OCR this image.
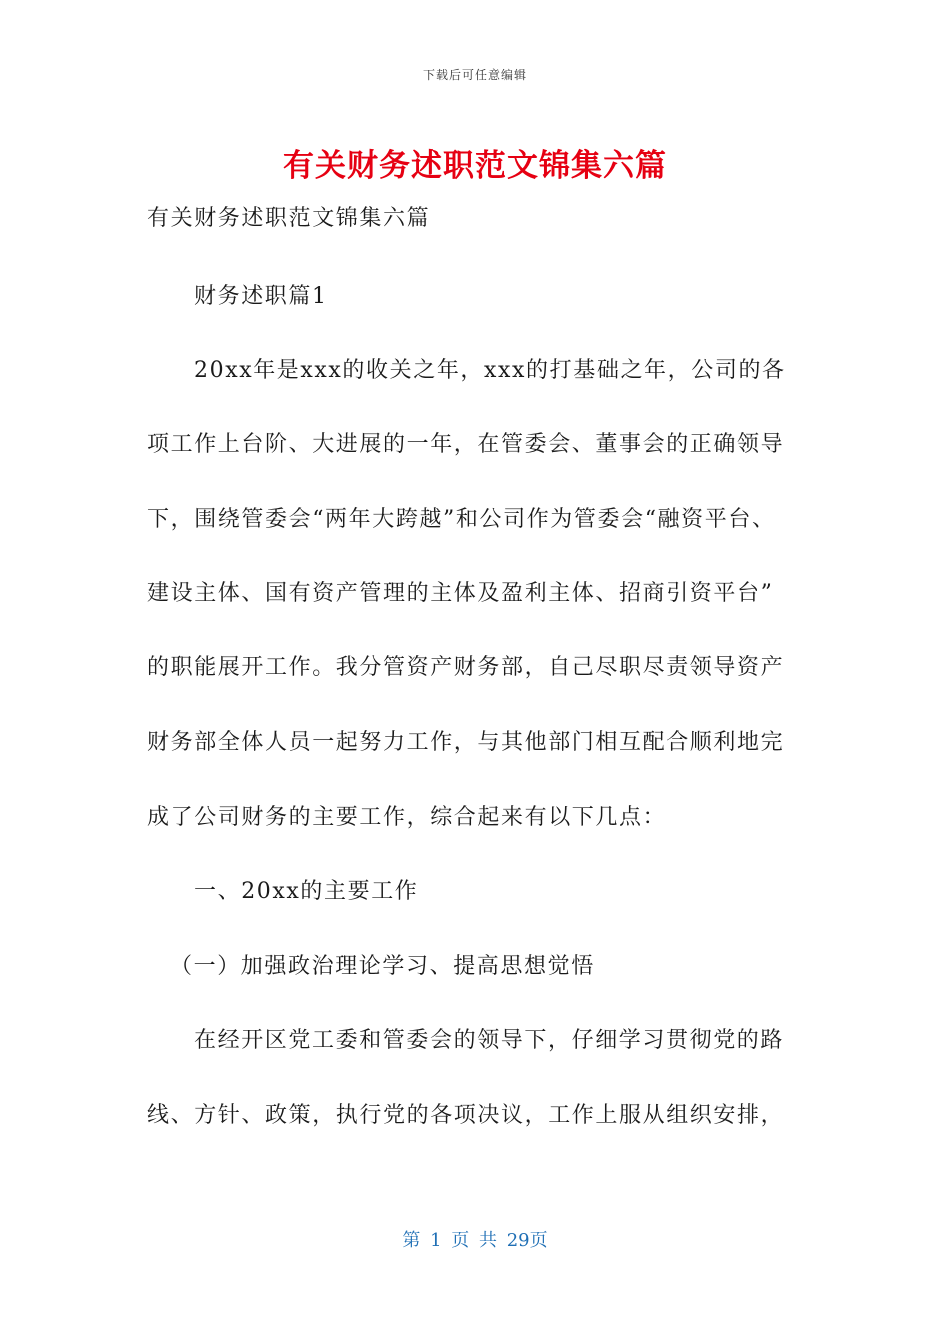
下载后可任意编辑
有关财务述职范文锦集六篇
有关财务述职范文锦集六篇
财务述职篇1
20xx年是xxx的收关之年，xxx的打基础之年，公司的各
项工作上台阶、大进展的一年，在管委会、董事会的正确领导
下，围绕管委会“两年大跨越”和公司作为管委会“融资平台、
建设主体、国有资产管理的主体及盈利主体、招商引资平台”
的职能展开工作。我分管资产财务部，自己尽职尽责领导资产
财务部全体人员一起努力工作，与其他部门相互配合顺利地完
成了公司财务的主要工作，综合起来有以下几点：
一、20xx的主要工作
（一）加强政治理论学习、提高思想觉悟
在经开区党工委和管委会的领导下，仔细学习贯彻党的路
线、方针、政策，执行党的各项决议，工作上服从组织安排，
第 1 页 共 29页
